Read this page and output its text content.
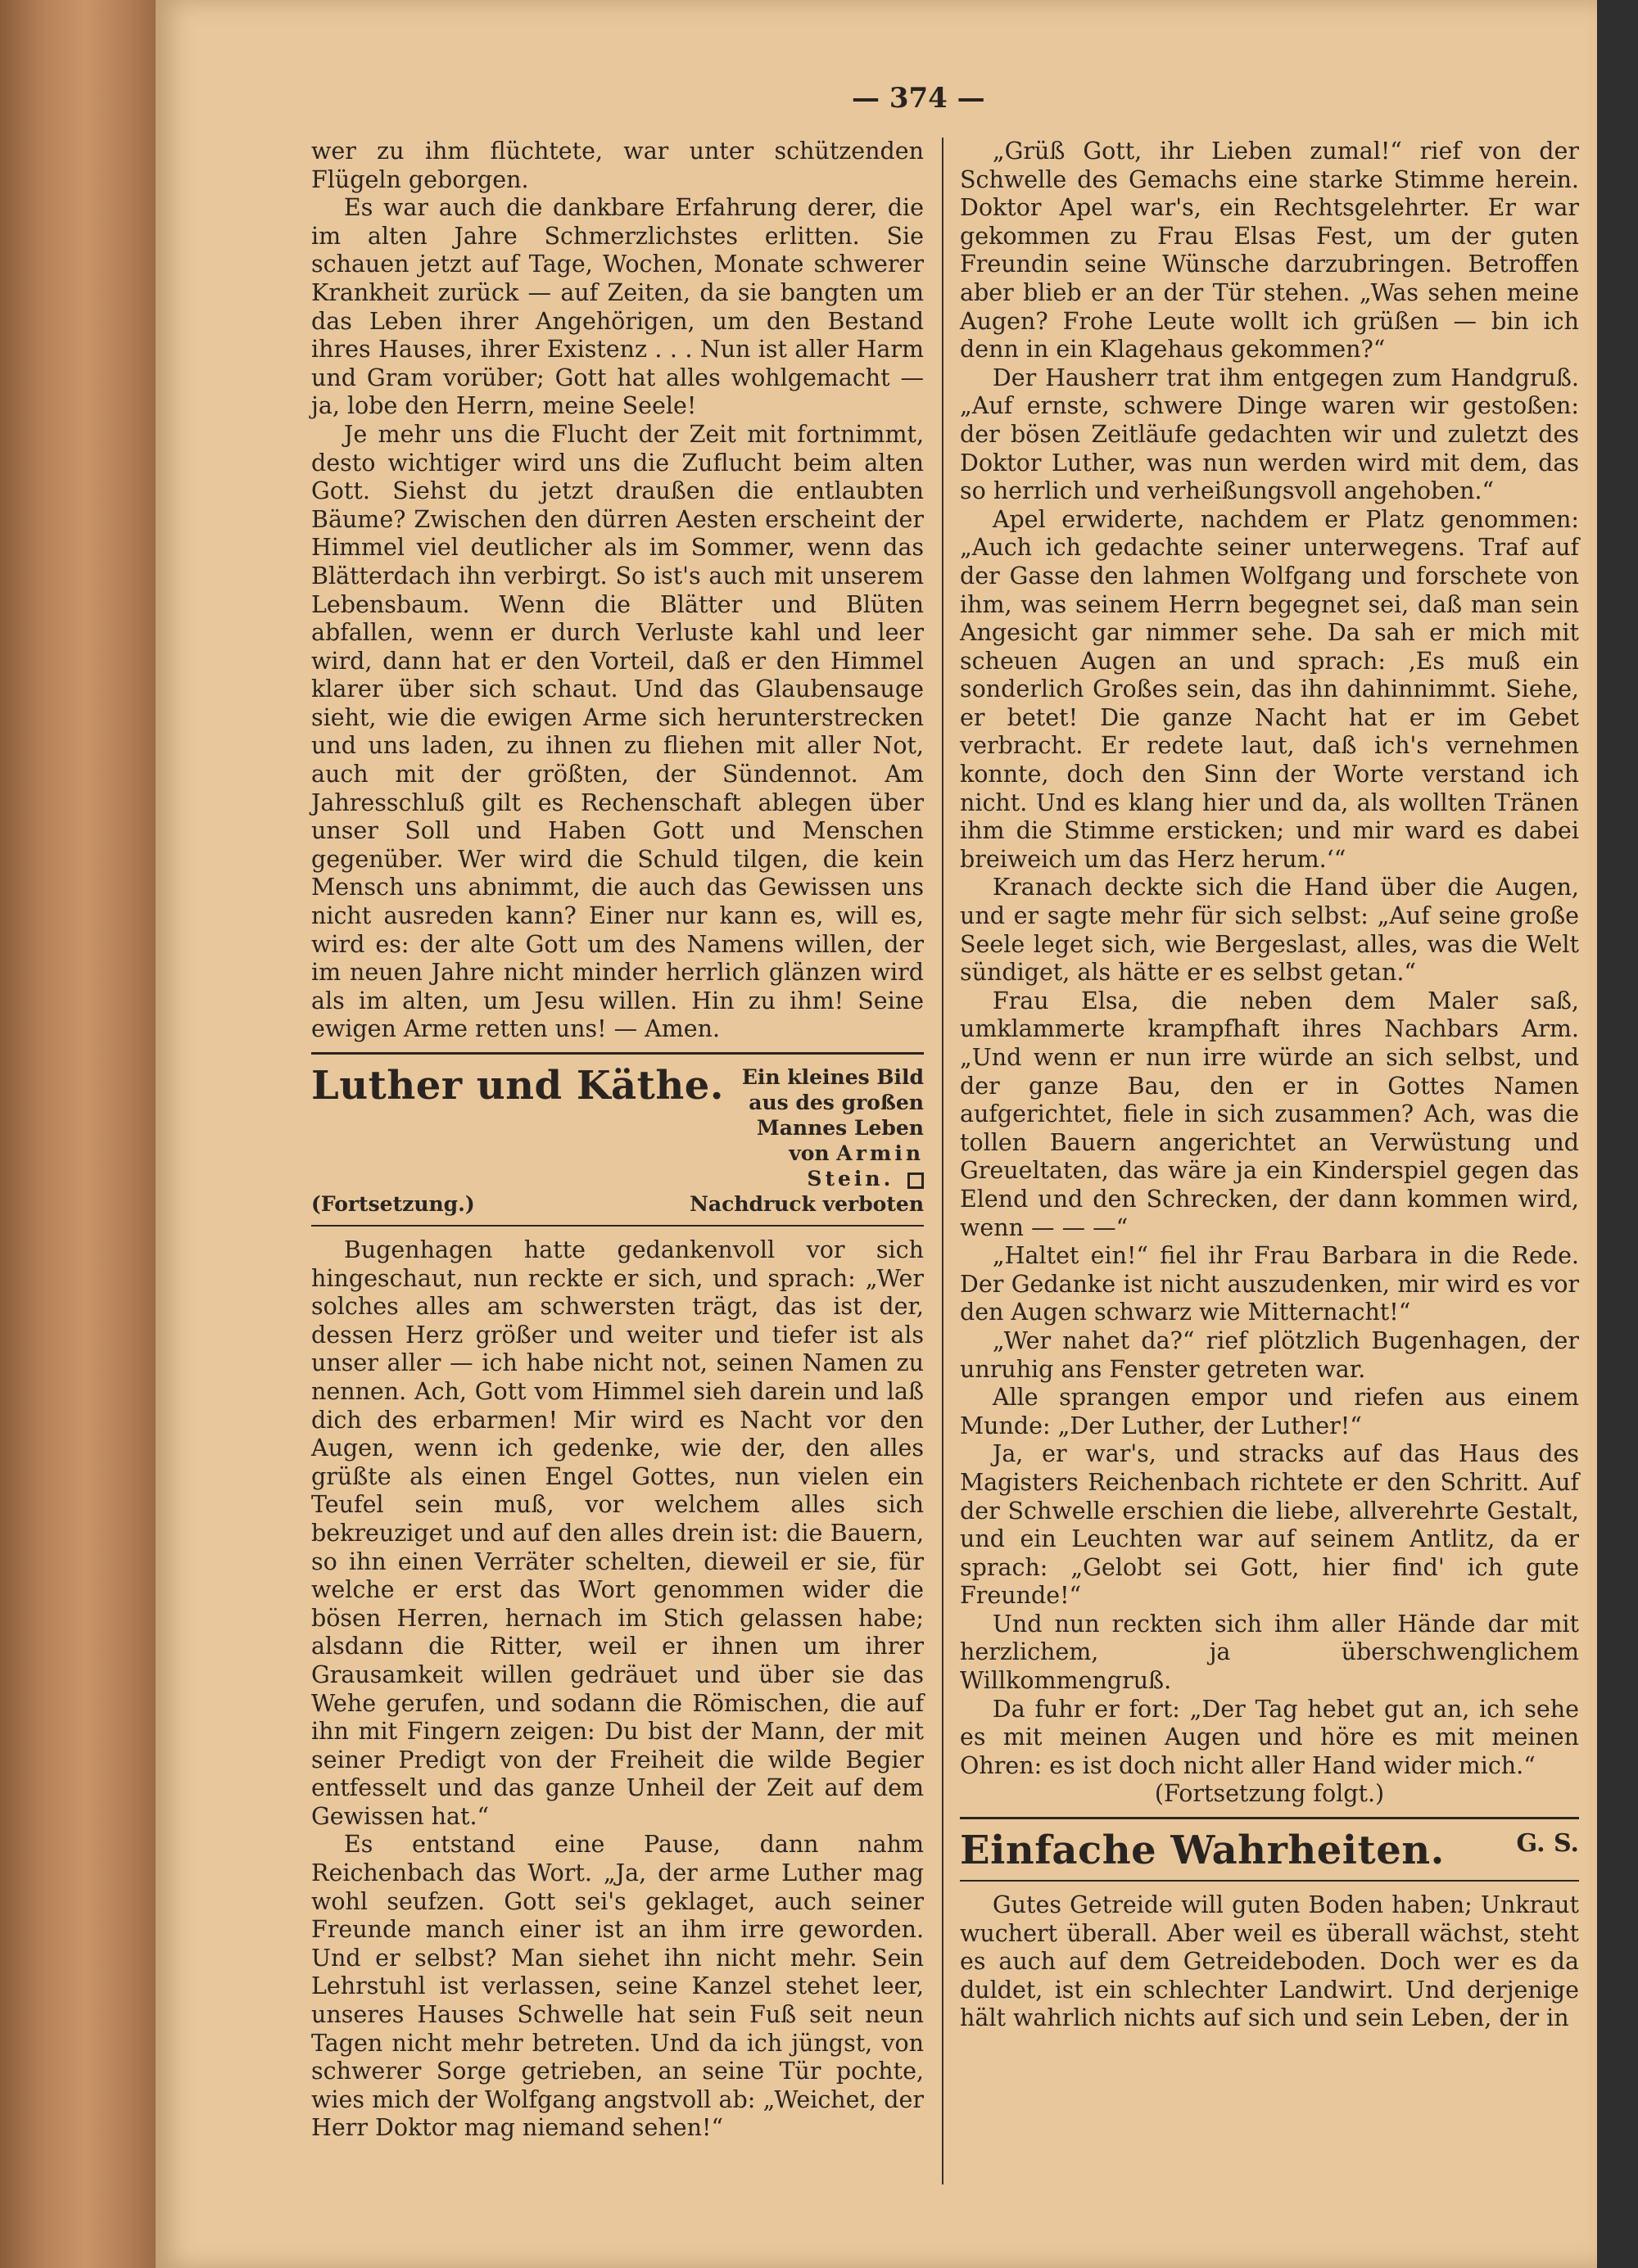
— 374 —

wer zu ihm flüchtete, war unter schützenden Flügeln geborgen.

Es war auch die dankbare Erfahrung derer, die im alten Jahre Schmerzlichstes erlitten. Sie schauen jetzt auf Tage, Wochen, Monate schwerer Krankheit zurück — auf Zeiten, da sie bangten um das Leben ihrer Angehörigen, um den Bestand ihres Hauses, ihrer Existenz . . . Nun ist aller Harm und Gram vorüber; Gott hat alles wohlgemacht — ja, lobe den Herrn, meine Seele!

Je mehr uns die Flucht der Zeit mit fortnimmt, desto wichtiger wird uns die Zuflucht beim alten Gott. Siehst du jetzt draußen die entlaubten Bäume? Zwischen den dürren Aesten erscheint der Himmel viel deutlicher als im Sommer, wenn das Blätterdach ihn verbirgt. So ist's auch mit unserem Lebensbaum. Wenn die Blätter und Blüten abfallen, wenn er durch Verluste kahl und leer wird, dann hat er den Vorteil, daß er den Himmel klarer über sich schaut. Und das Glaubensauge sieht, wie die ewigen Arme sich herunterstrecken und uns laden, zu ihnen zu fliehen mit aller Not, auch mit der größten, der Sündennot. Am Jahresschluß gilt es Rechenschaft ablegen über unser Soll und Haben Gott und Menschen gegenüber. Wer wird die Schuld tilgen, die kein Mensch uns abnimmt, die auch das Gewissen uns nicht ausreden kann? Einer nur kann es, will es, wird es: der alte Gott um des Namens willen, der im neuen Jahre nicht minder herrlich glänzen wird als im alten, um Jesu willen. Hin zu ihm! Seine ewigen Arme retten uns! — Amen.

Luther und Käthe. Ein kleines Bild aus des großen Mannes Leben von Armin Stein.

(Fortsetzung.)	Nachdruck verboten

Bugenhagen hatte gedankenvoll vor sich hingeschaut, nun reckte er sich, und sprach: „Wer solches alles am schwersten trägt, das ist der, dessen Herz größer und weiter und tiefer ist als unser aller — ich habe nicht not, seinen Namen zu nennen. Ach, Gott vom Himmel sieh darein und laß dich des erbarmen! Mir wird es Nacht vor den Augen, wenn ich gedenke, wie der, den alles grüßte als einen Engel Gottes, nun vielen ein Teufel sein muß, vor welchem alles sich bekreuziget und auf den alles drein ist: die Bauern, so ihn einen Verräter schelten, dieweil er sie, für welche er erst das Wort genommen wider die bösen Herren, hernach im Stich gelassen habe; alsdann die Ritter, weil er ihnen um ihrer Grausamkeit willen gedräuet und über sie das Wehe gerufen, und sodann die Römischen, die auf ihn mit Fingern zeigen: Du bist der Mann, der mit seiner Predigt von der Freiheit die wilde Begier entfesselt und das ganze Unheil der Zeit auf dem Gewissen hat.“

Es entstand eine Pause, dann nahm Reichenbach das Wort. „Ja, der arme Luther mag wohl seufzen. Gott sei's geklaget, auch seiner Freunde manch einer ist an ihm irre geworden. Und er selbst? Man siehet ihn nicht mehr. Sein Lehrstuhl ist verlassen, seine Kanzel stehet leer, unseres Hauses Schwelle hat sein Fuß seit neun Tagen nicht mehr betreten. Und da ich jüngst, von schwerer Sorge getrieben, an seine Tür pochte, wies mich der Wolfgang angstvoll ab: „Weichet, der Herr Doktor mag niemand sehen!“

„Grüß Gott, ihr Lieben zumal!“ rief von der Schwelle des Gemachs eine starke Stimme herein. Doktor Apel war's, ein Rechtsgelehrter. Er war gekommen zu Frau Elsas Fest, um der guten Freundin seine Wünsche darzubringen. Betroffen aber blieb er an der Tür stehen. „Was sehen meine Augen? Frohe Leute wollt ich grüßen — bin ich denn in ein Klagehaus gekommen?“

Der Hausherr trat ihm entgegen zum Handgruß. „Auf ernste, schwere Dinge waren wir gestoßen: der bösen Zeitläufe gedachten wir und zuletzt des Doktor Luther, was nun werden wird mit dem, das so herrlich und verheißungsvoll angehoben.“

Apel erwiderte, nachdem er Platz genommen: „Auch ich gedachte seiner unterwegens. Traf auf der Gasse den lahmen Wolfgang und forschete von ihm, was seinem Herrn begegnet sei, daß man sein Angesicht gar nimmer sehe. Da sah er mich mit scheuen Augen an und sprach: ‚Es muß ein sonderlich Großes sein, das ihn dahinnimmt. Siehe, er betet! Die ganze Nacht hat er im Gebet verbracht. Er redete laut, daß ich's vernehmen konnte, doch den Sinn der Worte verstand ich nicht. Und es klang hier und da, als wollten Tränen ihm die Stimme ersticken; und mir ward es dabei breiweich um das Herz herum.‘“

Kranach deckte sich die Hand über die Augen, und er sagte mehr für sich selbst: „Auf seine große Seele leget sich, wie Bergeslast, alles, was die Welt sündiget, als hätte er es selbst getan.“

Frau Elsa, die neben dem Maler saß, umklammerte krampfhaft ihres Nachbars Arm. „Und wenn er nun irre würde an sich selbst, und der ganze Bau, den er in Gottes Namen aufgerichtet, fiele in sich zusammen? Ach, was die tollen Bauern angerichtet an Verwüstung und Greueltaten, das wäre ja ein Kinderspiel gegen das Elend und den Schrecken, der dann kommen wird, wenn — — —“

„Haltet ein!“ fiel ihr Frau Barbara in die Rede. Der Gedanke ist nicht auszudenken, mir wird es vor den Augen schwarz wie Mitternacht!“

„Wer nahet da?“ rief plötzlich Bugenhagen, der unruhig ans Fenster getreten war.

Alle sprangen empor und riefen aus einem Munde: „Der Luther, der Luther!“

Ja, er war's, und stracks auf das Haus des Magisters Reichenbach richtete er den Schritt. Auf der Schwelle erschien die liebe, allverehrte Gestalt, und ein Leuchten war auf seinem Antlitz, da er sprach: „Gelobt sei Gott, hier find' ich gute Freunde!“

Und nun reckten sich ihm aller Hände dar mit herzlichem, ja überschwenglichem Willkommengruß.

Da fuhr er fort: „Der Tag hebet gut an, ich sehe es mit meinen Augen und höre es mit meinen Ohren: es ist doch nicht aller Hand wider mich.“

(Fortsetzung folgt.)

Einfache Wahrheiten.	G. S.

Gutes Getreide will guten Boden haben; Unkraut wuchert überall. Aber weil es überall wächst, steht es auch auf dem Getreideboden. Doch wer es da duldet, ist ein schlechter Landwirt. Und derjenige hält wahrlich nichts auf sich und sein Leben, der in
